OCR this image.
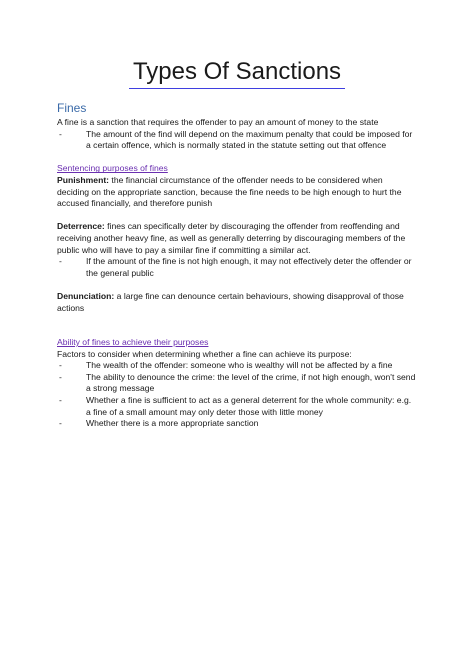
Types Of Sanctions
Fines

A fine is a sanction that requires the offender to pay an amount of money to the state

-	The amount of the find will depend on the maximum penalty that could be imposed for a certain offence, which is normally stated in the statute setting out that offence

Sentencing purposes of fines

Punishment: the financial circumstance of the offender needs to be considered when deciding on the appropriate sanction, because the fine needs to be high enough to hurt the accused financially, and therefore punish

Deterrence: fines can specifically deter by discouraging the offender from reoffending and receiving another heavy fine, as well as generally deterring by discouraging members of the public who will have to pay a similar fine if committing a similar act.

-	If the amount of the fine is not high enough, it may not effectively deter the offender or the general public

Denunciation: a large fine can denounce certain behaviours, showing disapproval of those actions

Ability of fines to achieve their purposes

Factors to consider when determining whether a fine can achieve its purpose:

-	The wealth of the offender: someone who is wealthy will not be affected by a fine
-	The ability to denounce the crime: the level of the crime, if not high enough, won't send a strong message
-	Whether a fine is sufficient to act as a general deterrent for the whole community: e.g. a fine of a small amount may only deter those with little money
-	Whether there is a more appropriate sanction
